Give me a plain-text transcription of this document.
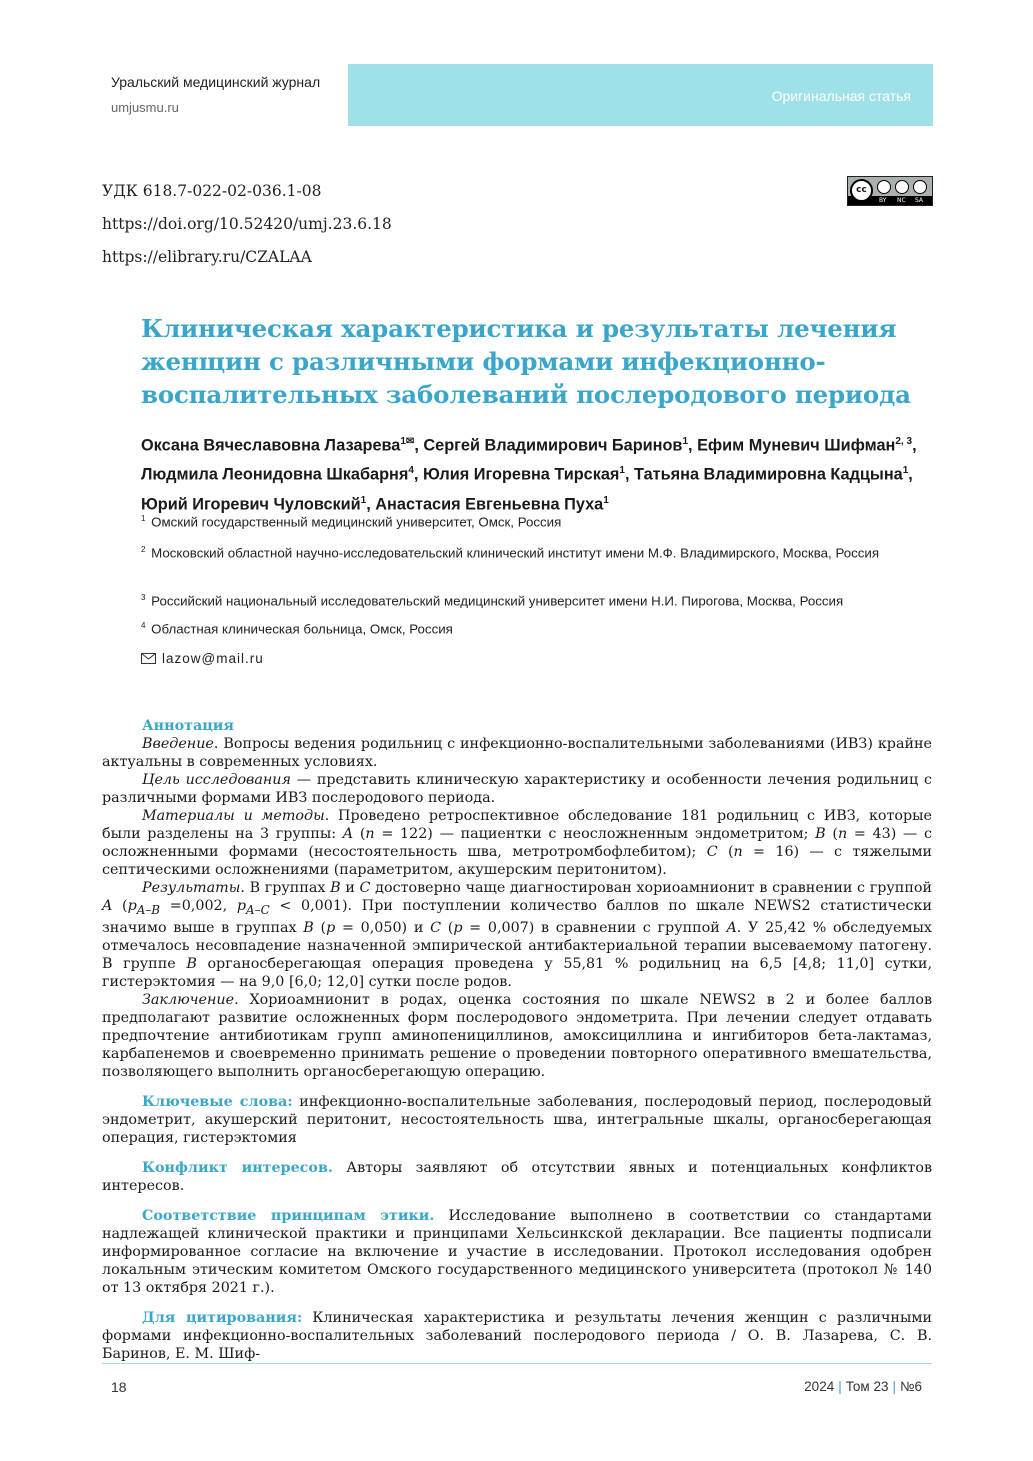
Уральский медицинский журнал
umjusmu.ru
Оригинальная статья
УДК 618.7-022-02-036.1-08
https://doi.org/10.52420/umj.23.6.18
https://elibrary.ru/CZALAA
cc
BY NC SA
Клиническая характеристика и результаты лечения женщин с различными формами инфекционно-воспалительных заболеваний послеродового периода
Оксана Вячеславовна Лазарева$^{1✉}$, Сергей Владимирович Баринов$^1$, Ефим Муневич Шифман$^{2, 3}$, Людмила Леонидовна Шкабарня$^4$, Юлия Игоревна Тирская$^1$, Татьяна Владимировна Кадцына$^1$, Юрий Игоревич Чуловский$^1$, Анастасия Евгеньевна Пуха$^1$
$^1$ Омский государственный медицинский университет, Омск, Россия
$^2$ Московский областной научно-исследовательский клинический институт имени М.Ф. Владимирского, Москва, Россия
$^3$ Российский национальный исследовательский медицинский университет имени Н.И. Пирогова, Москва, Россия
$^4$ Областная клиническая больница, Омск, Россия
lazow@mail.ru

Аннотация

Введение. Вопросы ведения родильниц с инфекционно-воспалительными заболеваниями (ИВЗ) крайне актуальны в современных условиях.

Цель исследования — представить клиническую характеристику и особенности лечения родильниц с различными формами ИВЗ послеродового периода.

Материалы и методы. Проведено ретроспективное обследование 181 родильниц с ИВЗ, которые были разделены на 3 группы: A (n = 122) — пациентки с неосложненным эндометритом; B (n = 43) — с осложненными формами (несостоятельность шва, метротромбофлебитом); C (n = 16) — с тяжелыми септическими осложнениями (параметритом, акушерским перитонитом).

Результаты. В группах B и C достоверно чаще диагностирован хориоамнионит в сравнении с группой A ($p_{A-B} =0,002$, $p_{A-C} < 0,001$). При поступлении количество баллов по шкале NEWS2 статистически значимо выше в группах B (p = 0,050) и C (p = 0,007) в сравнении с группой A. У 25,42 % обследуемых отмечалось несовпадение назначенной эмпирической антибактериальной терапии высеваемому патогену. В группе B органосберегающая операция проведена у 55,81 % родильниц на 6,5 [4,8; 11,0] сутки, гистерэктомия — на 9,0 [6,0; 12,0] сутки после родов.

Заключение. Хориоамнионит в родах, оценка состояния по шкале NEWS2 в 2 и более баллов предполагают развитие осложненных форм послеродового эндометрита. При лечении следует отдавать предпочтение антибиотикам групп аминопенициллинов, амоксициллина и ингибиторов бета-лактамаз, карбапенемов и своевременно принимать решение о проведении повторного оперативного вмешательства, позволяющего выполнить органосберегающую операцию.

Ключевые слова: инфекционно-воспалительные заболевания, послеродовый период, послеродовый эндометрит, акушерский перитонит, несостоятельность шва, интегральные шкалы, органосберегающая операция, гистерэктомия

Конфликт интересов. Авторы заявляют об отсутствии явных и потенциальных конфликтов интересов.

Соответствие принципам этики. Исследование выполнено в соответствии со стандартами надлежащей клинической практики и принципами Хельсинкской декларации. Все пациенты подписали информированное согласие на включение и участие в исследовании. Протокол исследования одобрен локальным этическим комитетом Омского государственного медицинского университета (протокол № 140 от 13 октября 2021 г.).

Для цитирования: Клиническая характеристика и результаты лечения женщин с различными формами инфекционно-воспалительных заболеваний послеродового периода / О. В. Лазарева, С. В. Баринов, Е. М. Шиф-

18	2024 | Том 23 | №6
